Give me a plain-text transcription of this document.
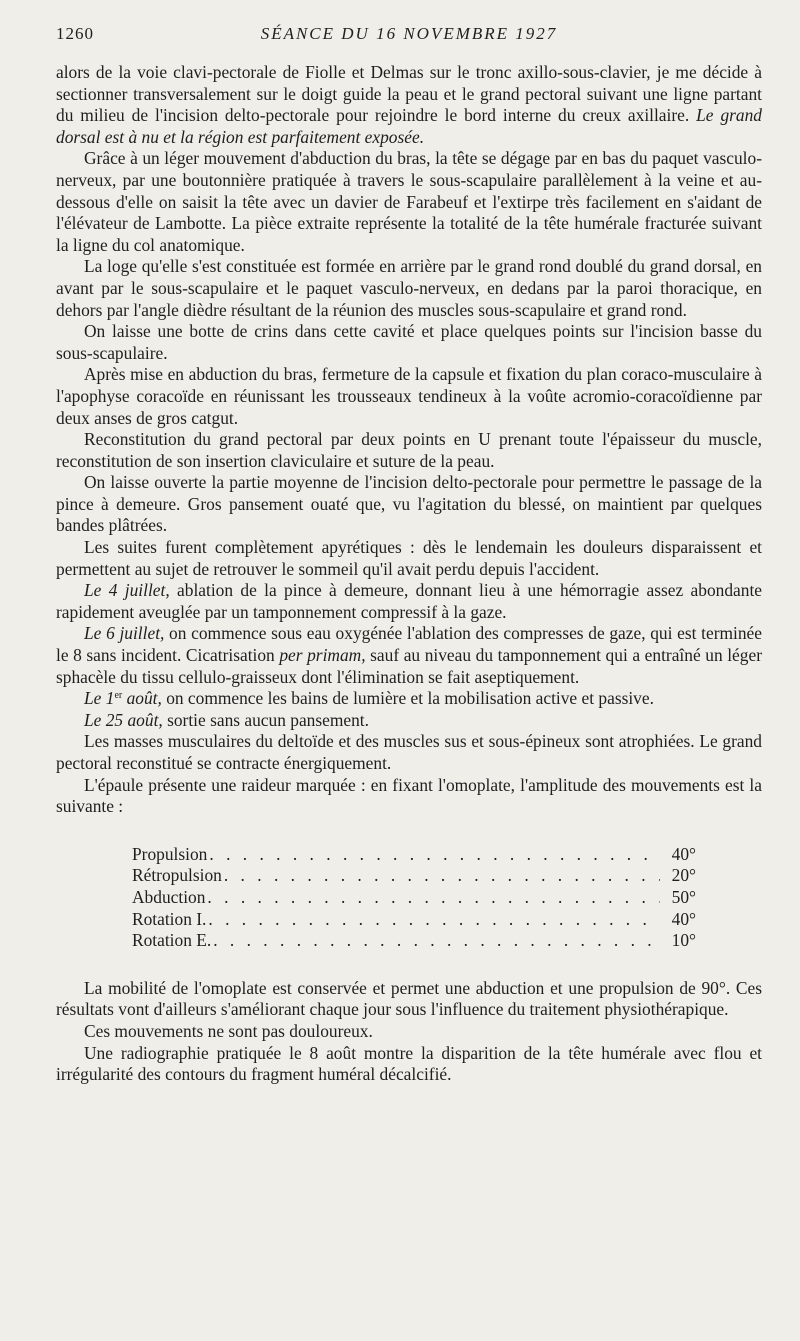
1260	SÉANCE DU 16 NOVEMBRE 1927

alors de la voie clavi-pectorale de Fiolle et Delmas sur le tronc axillo-sous-clavier, je me décide à sectionner transversalement sur le doigt guide la peau et le grand pectoral suivant une ligne partant du milieu de l'incision delto-pectorale pour rejoindre le bord interne du creux axillaire. Le grand dorsal est à nu et la région est parfaitement exposée.

Grâce à un léger mouvement d'abduction du bras, la tête se dégage par en bas du paquet vasculo-nerveux, par une boutonnière pratiquée à travers le sous-scapulaire parallèlement à la veine et au-dessous d'elle on saisit la tête avec un davier de Farabeuf et l'extirpe très facilement en s'aidant de l'élévateur de Lambotte. La pièce extraite représente la totalité de la tête humérale fracturée suivant la ligne du col anatomique.

La loge qu'elle s'est constituée est formée en arrière par le grand rond doublé du grand dorsal, en avant par le sous-scapulaire et le paquet vasculo-nerveux, en dedans par la paroi thoracique, en dehors par l'angle dièdre résultant de la réunion des muscles sous-scapulaire et grand rond.

On laisse une botte de crins dans cette cavité et place quelques points sur l'incision basse du sous-scapulaire.

Après mise en abduction du bras, fermeture de la capsule et fixation du plan coraco-musculaire à l'apophyse coracoïde en réunissant les trousseaux tendineux à la voûte acromio-coracoïdienne par deux anses de gros catgut.

Reconstitution du grand pectoral par deux points en U prenant toute l'épaisseur du muscle, reconstitution de son insertion claviculaire et suture de la peau.

On laisse ouverte la partie moyenne de l'incision delto-pectorale pour permettre le passage de la pince à demeure. Gros pansement ouaté que, vu l'agitation du blessé, on maintient par quelques bandes plâtrées.

Les suites furent complètement apyrétiques : dès le lendemain les douleurs disparaissent et permettent au sujet de retrouver le sommeil qu'il avait perdu depuis l'accident.

Le 4 juillet, ablation de la pince à demeure, donnant lieu à une hémorragie assez abondante rapidement aveuglée par un tamponnement compressif à la gaze.

Le 6 juillet, on commence sous eau oxygénée l'ablation des compresses de gaze, qui est terminée le 8 sans incident. Cicatrisation per primam, sauf au niveau du tamponnement qui a entraîné un léger sphacèle du tissu cellulo-graisseux dont l'élimination se fait aseptiquement.

Le 1er août, on commence les bains de lumière et la mobilisation active et passive.

Le 25 août, sortie sans aucun pansement.

Les masses musculaires du deltoïde et des muscles sus et sous-épineux sont atrophiées. Le grand pectoral reconstitué se contracte énergiquement.

L'épaule présente une raideur marquée : en fixant l'omoplate, l'amplitude des mouvements est la suivante :

Propulsion . . .	40°
Rétropulsion . . .	20°
Abduction . . .	50°
Rotation I. . . .	40°
Rotation E. . . .	10°

La mobilité de l'omoplate est conservée et permet une abduction et une propulsion de 90°. Ces résultats vont d'ailleurs s'améliorant chaque jour sous l'influence du traitement physiothérapique.

Ces mouvements ne sont pas douloureux.

Une radiographie pratiquée le 8 août montre la disparition de la tête humérale avec flou et irrégularité des contours du fragment huméral décalcifié.
